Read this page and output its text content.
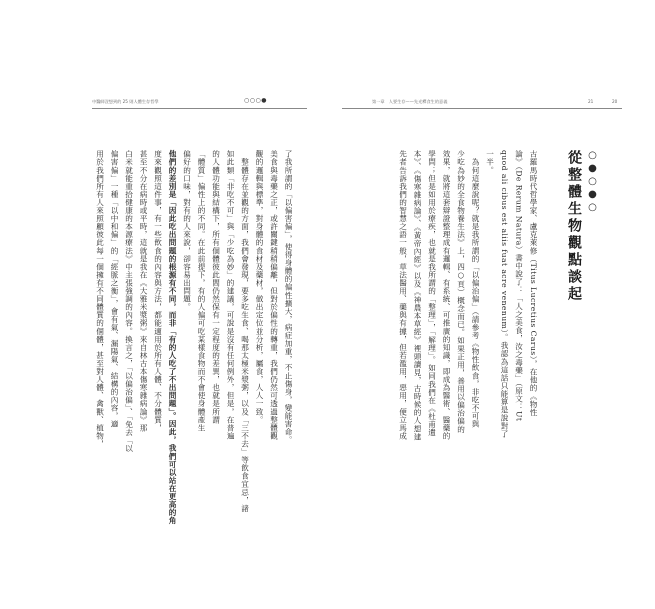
中醫師沒想到的 25 則人體生存哲學	○○○●	第一章　人要生存——先光釋食生的意義	21	20
○●○●○
從整體生物觀點談起
古羅馬時代哲學家、盧克萊修（Titus Lucretius Carus），在他的《物性
論》（De Rerum Natura）書中說了：「人之美食，汝之毒藥」（原文：Ut
quod ali cibus est aliis fuat acre venenum）。我認為這話只能算是說對了
一半。
　為何這麼說呢？就是我所謂的「以偏治偏」（請參考《物性飲食，非吃不可與
少吃為妙的全食物養生法》上，四○頁）概念而已。如果正用，善用以偏治偏的
效果，就將這套辯證整理成有邏輯、有系統、可推廣的知識，即成為醫術、醫藥的
學問；但是如用於療疾，也就是我所謂的「整理」，「解理」。如同我們在《杜甫遺
本》、《傷寒雜病論》、《黃帝內經》以及《神農本草經》裡頭讀見，古時候的人想建
先者告訴我們的智慧之語一般，草法醫用、藥與有據，但若濫用，惡用，便立馬成
了我所謂的「以偏害偏」，使得身體的偏性擴大，病症加重，不止傷身，變能害命。
美食與毒藥之正，或許關鍵稍稍偏離，但對於偏性的轉重，我們仍然可透過整體觀
觀的邏輯與標準，對身體的食材及藥材，做出定位並分析，屬食，人人一致。
　整體存在並觀的方面，我們會發現，要多吃生食、喝那太極米漿粥，以及「三不去」等飲食宜忌，諸
如此類「非吃不可」與「少吃為妙」的建議，可說是沒有任何例外，但是，在普遍
的人體功能與結構下，所有個體彼此間仍然保有一定程度的差異，也就是所謂
「體質」偏性上的不同。在此前提下，有的人偏可吃某樣食物而不會使身體產生
偏好的口味，對有的人來說，卻容易出問題。
他們的差別是「因此吃出問題的根源有不同，而非「有的人吃了不出問題」。因此，我們可以站在更高的角
度來觀照這件事，有一些飲食的內容與方法，都能適用於所有人體、不分體質，
甚至不分在病時或平時，這就是我在《大雅米漿粥》來自林古本傷寒雜病論》那
白米就能重拾健康的本源療法》中主張強調的內容。換言之，「以偏治偏」、「免去「以
偏害偏」一種「以中和偏」的「經脈之衡」，會有氣、漏陽氣、結構的內容，適
用於我們所有人來照顧彼此每一個擁有不同體質的個體，甚至對人體、禽獸、植物，
